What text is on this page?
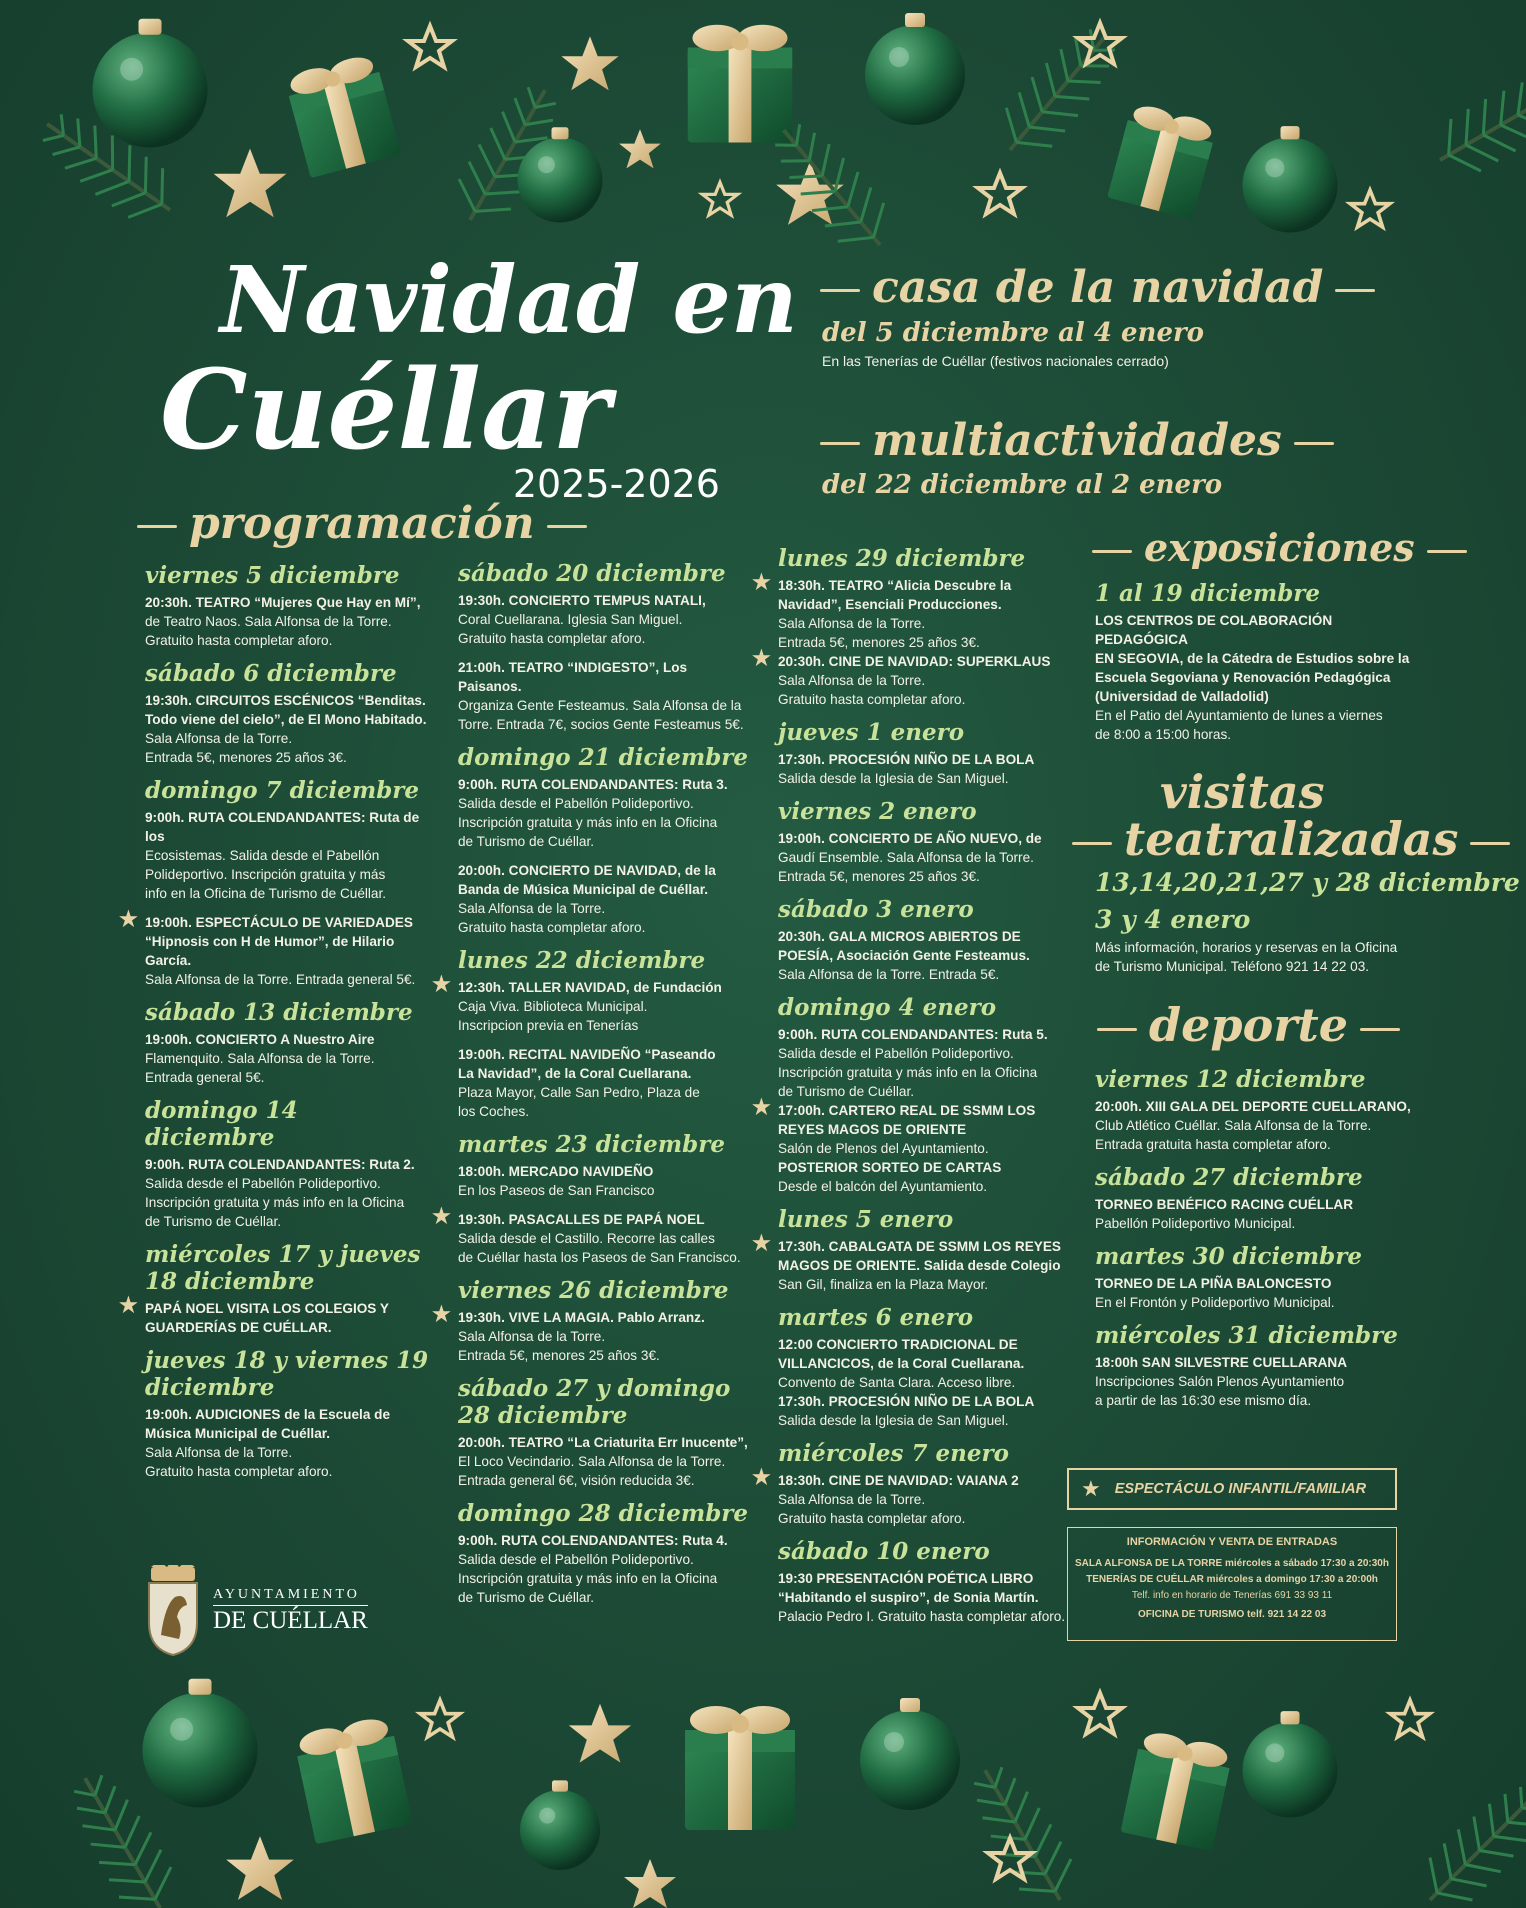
Navidad en
Cuéllar
2025-2026
programación
casa de la navidad
del 5 diciembre al 4 enero
En las Tenerías de Cuéllar (festivos nacionales cerrado)
multiactividades
del 22 diciembre al 2 enero
viernes 5 diciembre
20:30h. TEATRO “Mujeres Que Hay en Mí”,
de Teatro Naos. Sala Alfonsa de la Torre.
Gratuito hasta completar aforo.
sábado 6 diciembre
19:30h. CIRCUITOS ESCÉNICOS “Benditas.
Todo viene del cielo”, de El Mono Habitado.
Sala Alfonsa de la Torre.
Entrada 5€, menores 25 años 3€.
domingo 7 diciembre
9:00h. RUTA COLENDANDANTES: Ruta de los
Ecosistemas. Salida desde el Pabellón
Polideportivo. Inscripción gratuita y más
info en la Oficina de Turismo de Cuéllar.
★ 19:00h. ESPECTÁCULO DE VARIEDADES
“Hipnosis con H de Humor”, de Hilario García.
Sala Alfonsa de la Torre. Entrada general 5€.
sábado 13 diciembre
19:00h. CONCIERTO A Nuestro Aire
Flamenquito. Sala Alfonsa de la Torre.
Entrada general 5€.
domingo 14 diciembre
9:00h. RUTA COLENDANDANTES: Ruta 2.
Salida desde el Pabellón Polideportivo.
Inscripción gratuita y más info en la Oficina
de Turismo de Cuéllar.
miércoles 17 y jueves 18 diciembre
★ PAPÁ NOEL VISITA LOS COLEGIOS Y
GUARDERÍAS DE CUÉLLAR.
jueves 18 y viernes 19 diciembre
19:00h. AUDICIONES de la Escuela de
Música Municipal de Cuéllar.
Sala Alfonsa de la Torre.
Gratuito hasta completar aforo.
sábado 20 diciembre
19:30h. CONCIERTO TEMPUS NATALI,
Coral Cuellarana. Iglesia San Miguel.
Gratuito hasta completar aforo.
21:00h. TEATRO “INDIGESTO”, Los Paisanos.
Organiza Gente Festeamus. Sala Alfonsa de la
Torre. Entrada 7€, socios Gente Festeamus 5€.
domingo 21 diciembre
9:00h. RUTA COLENDANDANTES: Ruta 3.
Salida desde el Pabellón Polideportivo.
Inscripción gratuita y más info en la Oficina
de Turismo de Cuéllar.
20:00h. CONCIERTO DE NAVIDAD, de la
Banda de Música Municipal de Cuéllar.
Sala Alfonsa de la Torre.
Gratuito hasta completar aforo.
lunes 22 diciembre
★ 12:30h. TALLER NAVIDAD, de Fundación
Caja Viva. Biblioteca Municipal.
Inscripcion previa en Tenerías
19:00h. RECITAL NAVIDEÑO “Paseando
La Navidad”, de la Coral Cuellarana.
Plaza Mayor, Calle San Pedro, Plaza de
los Coches.
martes 23 diciembre
18:00h. MERCADO NAVIDEÑO
En los Paseos de San Francisco
★ 19:30h. PASACALLES DE PAPÁ NOEL
Salida desde el Castillo. Recorre las calles
de Cuéllar hasta los Paseos de San Francisco.
viernes 26 diciembre
★ 19:30h. VIVE LA MAGIA. Pablo Arranz.
Sala Alfonsa de la Torre.
Entrada 5€, menores 25 años 3€.
sábado 27 y domingo 28 diciembre
20:00h. TEATRO “La Criaturita Err Inucente”,
El Loco Vecindario. Sala Alfonsa de la Torre.
Entrada general 6€, visión reducida 3€.
domingo 28 diciembre
9:00h. RUTA COLENDANDANTES: Ruta 4.
Salida desde el Pabellón Polideportivo.
Inscripción gratuita y más info en la Oficina
de Turismo de Cuéllar.
lunes 29 diciembre
★ 18:30h. TEATRO “Alicia Descubre la
Navidad”, Esenciali Producciones.
Sala Alfonsa de la Torre.
Entrada 5€, menores 25 años 3€.
★ 20:30h. CINE DE NAVIDAD: SUPERKLAUS
Sala Alfonsa de la Torre.
Gratuito hasta completar aforo.
jueves 1 enero
17:30h. PROCESIÓN NIÑO DE LA BOLA
Salida desde la Iglesia de San Miguel.
viernes 2 enero
19:00h. CONCIERTO DE AÑO NUEVO, de
Gaudí Ensemble. Sala Alfonsa de la Torre.
Entrada 5€, menores 25 años 3€.
sábado 3 enero
20:30h. GALA MICROS ABIERTOS DE
POESÍA, Asociación Gente Festeamus.
Sala Alfonsa de la Torre. Entrada 5€.
domingo 4 enero
9:00h. RUTA COLENDANDANTES: Ruta 5.
Salida desde el Pabellón Polideportivo.
Inscripción gratuita y más info en la Oficina
de Turismo de Cuéllar.
★ 17:00h. CARTERO REAL DE SSMM LOS
REYES MAGOS DE ORIENTE
Salón de Plenos del Ayuntamiento.
POSTERIOR SORTEO DE CARTAS
Desde el balcón del Ayuntamiento.
lunes 5 enero
★ 17:30h. CABALGATA DE SSMM LOS REYES
MAGOS DE ORIENTE. Salida desde Colegio
San Gil, finaliza en la Plaza Mayor.
martes 6 enero
12:00 CONCIERTO TRADICIONAL DE
VILLANCICOS, de la Coral Cuellarana.
Convento de Santa Clara. Acceso libre.
17:30h. PROCESIÓN NIÑO DE LA BOLA
Salida desde la Iglesia de San Miguel.
miércoles 7 enero
★ 18:30h. CINE DE NAVIDAD: VAIANA 2
Sala Alfonsa de la Torre.
Gratuito hasta completar aforo.
sábado 10 enero
19:30 PRESENTACIÓN POÉTICA LIBRO
“Habitando el suspiro”, de Sonia Martín.
Palacio Pedro I. Gratuito hasta completar aforo.
exposiciones
1 al 19 diciembre
LOS CENTROS DE COLABORACIÓN PEDAGÓGICA
EN SEGOVIA, de la Cátedra de Estudios sobre la
Escuela Segoviana y Renovación Pedagógica
(Universidad de Valladolid)
En el Patio del Ayuntamiento de lunes a viernes
de 8:00 a 15:00 horas.
visitas
teatralizadas
13,14,20,21,27 y 28 diciembre
3 y 4 enero
Más información, horarios y reservas en la Oficina
de Turismo Municipal. Teléfono 921 14 22 03.
deporte
viernes 12 diciembre
20:00h. XIII GALA DEL DEPORTE CUELLARANO,
Club Atlético Cuéllar. Sala Alfonsa de la Torre.
Entrada gratuita hasta completar aforo.
sábado 27 diciembre
TORNEO BENÉFICO RACING CUÉLLAR
Pabellón Polideportivo Municipal.
martes 30 diciembre
TORNEO DE LA PIÑA BALONCESTO
En el Frontón y Polideportivo Municipal.
miércoles 31 diciembre
18:00h SAN SILVESTRE CUELLARANA
Inscripciones Salón Plenos Ayuntamiento
a partir de las 16:30 ese mismo día.
★ ESPECTÁCULO INFANTIL/FAMILIAR
INFORMACIÓN Y VENTA DE ENTRADAS
SALA ALFONSA DE LA TORRE miércoles a sábado 17:30 a 20:30h
TENERÍAS DE CUÉLLAR miércoles a domingo 17:30 a 20:00h
Telf. info en horario de Tenerías 691 33 93 11
OFICINA DE TURISMO telf. 921 14 22 03
AYUNTAMIENTO
DE CUÉLLAR
